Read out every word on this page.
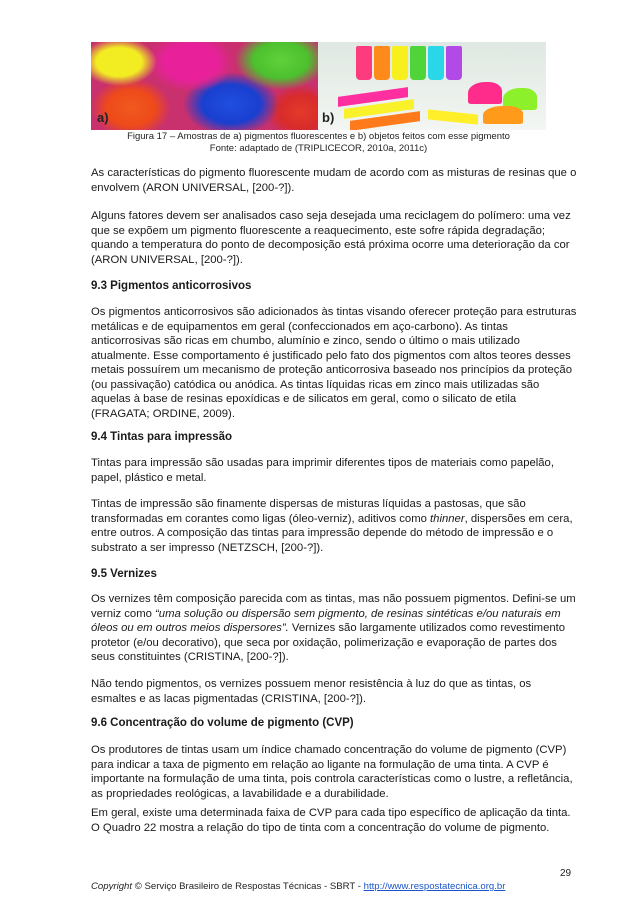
a)	b)
Figura 17 – Amostras de a) pigmentos fluorescentes e b) objetos feitos com esse pigmento
Fonte: adaptado de (TRIPLICECOR, 2010a, 2011c)

As características do pigmento fluorescente mudam de acordo com as misturas de resinas que o envolvem (ARON UNIVERSAL, [200-?]).

Alguns fatores devem ser analisados caso seja desejada uma reciclagem do polímero: uma vez que se expõem um pigmento fluorescente a reaquecimento, este sofre rápida degradação; quando a temperatura do ponto de decomposição está próxima ocorre uma deterioração da cor (ARON UNIVERSAL, [200-?]).

9.3 Pigmentos anticorrosivos

Os pigmentos anticorrosivos são adicionados às tintas visando oferecer proteção para estruturas metálicas e de equipamentos em geral (confeccionados em aço-carbono). As tintas anticorrosivas são ricas em chumbo, alumínio e zinco, sendo o último o mais utilizado atualmente. Esse comportamento é justificado pelo fato dos pigmentos com altos teores desses metais possuírem um mecanismo de proteção anticorrosiva baseado nos princípios da proteção (ou passivação) catódica ou anódica. As tintas líquidas ricas em zinco mais utilizadas são aquelas à base de resinas epoxídicas e de silicatos em geral, como o silicato de etila (FRAGATA; ORDINE, 2009).

9.4 Tintas para impressão

Tintas para impressão são usadas para imprimir diferentes tipos de materiais como papelão, papel, plástico e metal.

Tintas de impressão são finamente dispersas de misturas líquidas a pastosas, que são transformadas em corantes como ligas (óleo-verniz), aditivos como thinner, dispersões em cera, entre outros. A composição das tintas para impressão depende do método de impressão e o substrato a ser impresso (NETZSCH, [200-?]).

9.5 Vernizes

Os vernizes têm composição parecida com as tintas, mas não possuem pigmentos. Defini-se um verniz como “uma solução ou dispersão sem pigmento, de resinas sintéticas e/ou naturais em óleos ou em outros meios dispersores”. Vernizes são largamente utilizados como revestimento protetor (e/ou decorativo), que seca por oxidação, polimerização e evaporação de partes dos seus constituintes (CRISTINA, [200-?]).

Não tendo pigmentos, os vernizes possuem menor resistência à luz do que as tintas, os esmaltes e as lacas pigmentadas (CRISTINA, [200-?]).

9.6 Concentração do volume de pigmento (CVP)

Os produtores de tintas usam um índice chamado concentração do volume de pigmento (CVP) para indicar a taxa de pigmento em relação ao ligante na formulação de uma tinta. A CVP é importante na formulação de uma tinta, pois controla características como o lustre, a refletância, as propriedades reológicas, a lavabilidade e a durabilidade.

Em geral, existe uma determinada faixa de CVP para cada tipo específico de aplicação da tinta. O Quadro 22 mostra a relação do tipo de tinta com a concentração do volume de pigmento.

29
Copyright © Serviço Brasileiro de Respostas Técnicas - SBRT - http://www.respostatecnica.org.br
